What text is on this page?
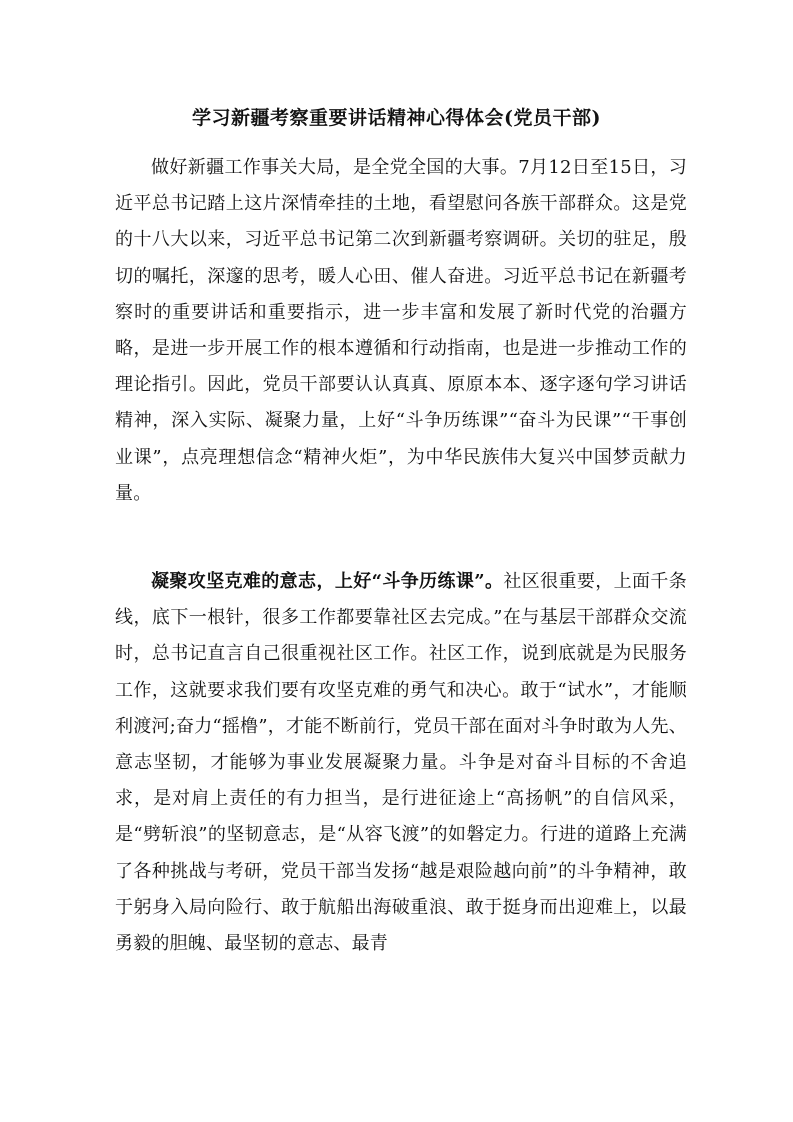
学习新疆考察重要讲话精神心得体会(党员干部)

做好新疆工作事关大局，是全党全国的大事。7月12日至15日，习近平总书记踏上这片深情牵挂的土地，看望慰问各族干部群众。这是党的十八大以来，习近平总书记第二次到新疆考察调研。关切的驻足，殷切的嘱托，深邃的思考，暖人心田、催人奋进。习近平总书记在新疆考察时的重要讲话和重要指示，进一步丰富和发展了新时代党的治疆方略，是进一步开展工作的根本遵循和行动指南，也是进一步推动工作的理论指引。因此，党员干部要认认真真、原原本本、逐字逐句学习讲话精神，深入实际、凝聚力量，上好“斗争历练课”“奋斗为民课”“干事创业课”，点亮理想信念“精神火炬”，为中华民族伟大复兴中国梦贡献力量。

凝聚攻坚克难的意志，上好“斗争历练课”。社区很重要，上面千条线，底下一根针，很多工作都要靠社区去完成。”在与基层干部群众交流时，总书记直言自己很重视社区工作。社区工作，说到底就是为民服务工作，这就要求我们要有攻坚克难的勇气和决心。敢于“试水”，才能顺利渡河;奋力“摇橹”，才能不断前行，党员干部在面对斗争时敢为人先、意志坚韧，才能够为事业发展凝聚力量。斗争是对奋斗目标的不舍追求，是对肩上责任的有力担当，是行进征途上“高扬帆”的自信风采，是“劈斩浪”的坚韧意志，是“从容飞渡”的如磐定力。行进的道路上充满了各种挑战与考研，党员干部当发扬“越是艰险越向前”的斗争精神，敢于躬身入局向险行、敢于航船出海破重浪、敢于挺身而出迎难上，以最勇毅的胆魄、最坚韧的意志、最青
